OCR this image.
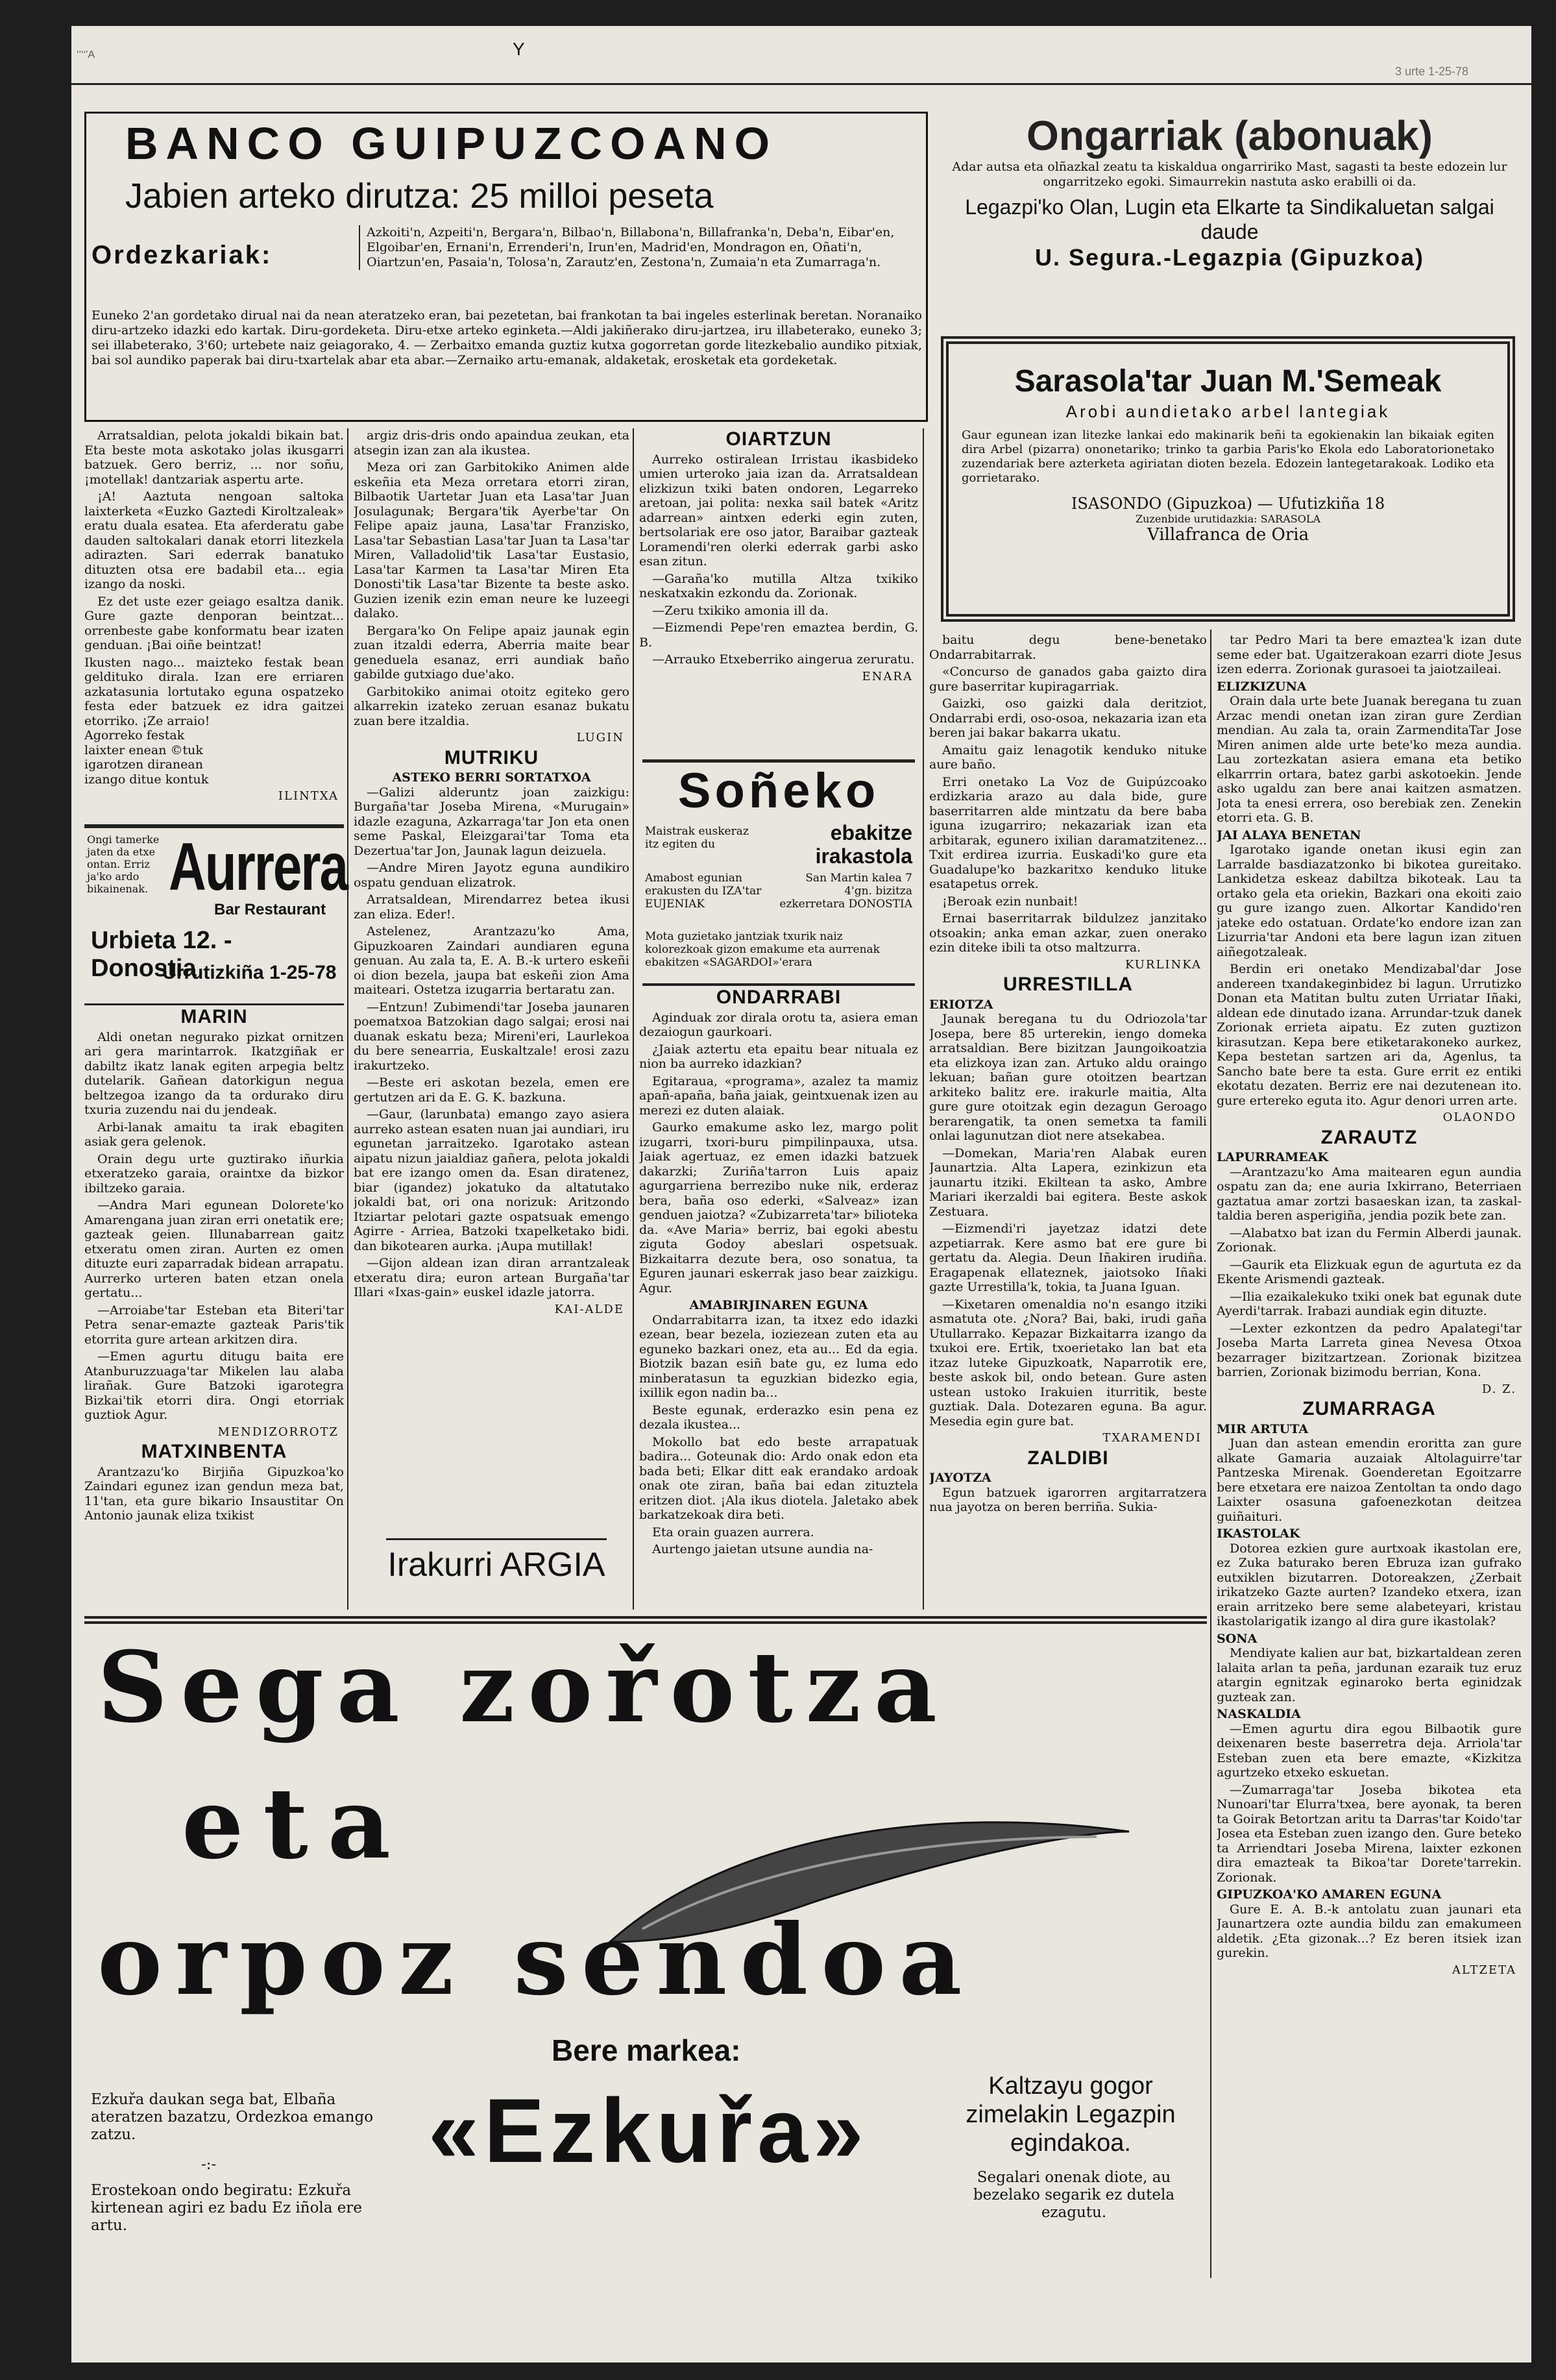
‘’‘‘’A	Y
3 urte 1-25-78
BANCO GUIPUZCOANO
Jabien arteko dirutza: 25 milloi peseta
Ordezkariak:
Azkoiti'n, Azpeiti'n, Bergara'n, Bilbao'n, Billabona'n, Billafranka'n, Deba'n, Eibar'en, Elgoibar'en, Ernani'n, Errenderi'n, Irun'en, Madrid'en, Mondragon en, Oñati'n, Oiartzun'en, Pasaia'n, Tolosa'n, Zarautz'en, Zestona'n, Zumaia'n eta Zumarraga'n.
Euneko 2'an gordetako dirual nai da nean ateratzeko eran, bai pezetetan, bai frankotan ta bai ingeles esterlinak beretan. Noranaiko diru-artzeko idazki edo kartak. Diru-gordeketa. Diru-etxe arteko eginketa.—Aldi jakiñerako diru-jartzea, iru illabeterako, euneko 3; sei illabeterako, 3'60; urtebete naiz geiagorako, 4. — Zerbaitxo emanda guztiz kutxa gogorretan gorde litezkebalio aundiko pitxiak, bai sol aundiko paperak bai diru-txartelak abar eta abar.—Zernaiko artu-emanak, aldaketak, erosketak eta gordeketak.
Ongarriak (abonuak)
Adar autsa eta olñazkal zeatu ta kiskaldua ongarririko Mast, sagasti ta beste edozein lur ongarritzeko egoki. Simaurrekin nastuta asko erabilli oi da.
Legazpi'ko Olan, Lugin eta Elkarte ta Sindikaluetan salgai daude
U. Segura.-Legazpia (Gipuzkoa)
Sarasola'tar Juan M.'Semeak
Arobi aundietako arbel lantegiak
Gaur egunean izan litezke lankai edo makinarik beñi ta egokienakin lan bikaiak egiten dira Arbel (pizarra) ononetariko; trinko ta garbia Paris'ko Ekola edo Laboratorionetako zuzendariak bere azterketa agiriatan dioten bezela. Edozein lantegetarakoak. Lodiko eta gorrietarako.
ISASONDO (Gipuzkoa) — Ufutizkiña 18
Zuzenbide urutidazkia: SARASOLA
Villafranca de Oria

Arratsaldian, pelota jokaldi bikain bat. Eta beste mota askotako jolas ikusgarri batzuek. Gero berriz, ... nor soñu, ¡motellak! dantzariak aspertu arte.

¡A! Aaztuta nengoan saltoka laixterketa «Euzko Gaztedi Kiroltzaleak» eratu duala esatea. Eta aferderatu gabe dauden saltokalari danak etorri litezkela adirazten. Sari ederrak banatuko dituzten otsa ere badabil eta... egia izango da noski.

Ez det uste ezer geiago esaltza danik. Gure gazte denporan beintzat... orrenbeste gabe konformatu bear izaten genduan. ¡Bai oiñe beintzat!

Ikusten nago... maizteko festak bean geldituko dirala. Izan ere erriaren azkatasunia lortutako eguna ospatzeko festa eder batzuek ez idra gaitzei etorriko. ¡Ze arraio!
Agorreko festak
laixter enean ©tuk
igarotzen diranean
izango ditue kontuk

ILINTXA
Ongi tamerke jaten da etxe ontan. Erriz ja'ko ardo bikainenak. Aurrera
Bar Restaurant
Urbieta 12. - Donostia
Urrutizkiña 1-25-78
MARIN

Aldi onetan negurako pizkat ornitzen ari gera marintarrok. Ikatzgiñak er dabiltz ikatz lanak egiten arpegia beltz dutelarik. Gañean datorkigun negua beltzegoa izango da ta ordurako diru txuria zuzendu nai du jendeak.

Arbi-lanak amaitu ta irak ebagiten asiak gera gelenok.

Orain degu urte guztirako iñurkia etxeratzeko garaia, oraintxe da bizkor ibiltzeko garaia.

—Andra Mari egunean Dolorete'ko Amarengana juan ziran erri onetatik ere; gazteak geien. Illunabarrean gaitz etxeratu omen ziran. Aurten ez omen dituzte euri zaparradak bidean arrapatu. Aurrerko urteren baten etzan onela gertatu...

—Arroiabe'tar Esteban eta Biteri'tar Petra senar-emazte gazteak Paris'tik etorrita gure artean arkitzen dira.

—Emen agurtu ditugu baita ere Atanburuzzuaga'tar Mikelen lau alaba lirañak. Gure Batzoki igarotegra Bizkai'tik etorri dira. Ongi etorriak guztiok Agur.

MENDIZORROTZ
MATXINBENTA

Arantzazu'ko Birjiña Gipuzkoa'ko Zaindari egunez izan gendun meza bat, 11'tan, eta gure bikario Insaustitar On Antonio jaunak eliza txikist

argiz dris-dris ondo apaindua zeukan, eta atsegin izan zan ala ikustea.

Meza ori zan Garbitokiko Animen alde eskeñia eta Meza orretara etorri ziran, Bilbaotik Uartetar Juan eta Lasa'tar Juan Josulagunak; Bergara'tik Ayerbe'tar On Felipe apaiz jauna, Lasa'tar Franzisko, Lasa'tar Sebastian Lasa'tar Juan ta Lasa'tar Miren, Valladolid'tik Lasa'tar Eustasio, Lasa'tar Karmen ta Lasa'tar Miren Eta Donosti'tik Lasa'tar Bizente ta beste asko. Guzien izenik ezin eman neure ke luzeegi dalako.

Bergara'ko On Felipe apaiz jaunak egin zuan itzaldi ederra, Aberria maite bear geneduela esanaz, erri aundiak baño gabilde gutxiago due'ako.

Garbitokiko animai otoitz egiteko gero alkarrekin izateko zeruan esanaz bukatu zuan bere itzaldia.

LUGIN
MUTRIKU
ASTEKO BERRI SORTATXOA

—Galizi alderuntz joan zaizkigu: Burgaña'tar Joseba Mirena, «Murugain» idazle ezaguna, Azkarraga'tar Jon eta onen seme Paskal, Eleizgarai'tar Toma eta Dezertua'tar Jon, Jaunak lagun deizuela.

—Andre Miren Jayotz eguna aundikiro ospatu genduan elizatrok.

Arratsaldean, Mirendarrez betea ikusi zan eliza. Eder!.

Astelenez, Arantzazu'ko Ama, Gipuzkoaren Zaindari aundiaren eguna genuan. Au zala ta, E. A. B.-k urtero eskeñi oi dion bezela, jaupa bat eskeñi zion Ama maiteari. Ostetza izugarria bertaratu zan.

—Entzun! Zubimendi'tar Joseba jaunaren poematxoa Batzokian dago salgai; erosi nai duanak eskatu beza; Mireni'eri, Laurlekoa du bere senearria, Euskaltzale! erosi zazu irakurtzeko.

—Beste eri askotan bezela, emen ere gertutzen ari da E. G. K. bazkuna.

—Gaur, (larunbata) emango zayo asiera aurreko astean esaten nuan jai aundiari, iru egunetan jarraitzeko. Igarotako astean aipatu nizun jaialdiaz gañera, pelota jokaldi bat ere izango omen da. Esan diratenez, biar (igandez) jokatuko da altatutako jokaldi bat, ori ona norizuk: Aritzondo Itziartar pelotari gazte ospatsuak emengo Agirre - Arriea, Batzoki txapelketako bidi. dan bikotearen aurka. ¡Aupa mutillak!

—Gijon aldean izan diran arrantzaleak etxeratu dira; euron artean Burgaña'tar Illari «Ixas-gain» euskel idazle jatorra.

KAI-ALDE
Irakurri ARGIA
OIARTZUN

Aurreko ostiralean Irristau ikasbideko umien urteroko jaia izan da. Arratsaldean elizkizun txiki baten ondoren, Legarreko aretoan, jai polita: nexka sail batek «Aritz adarrean» aintxen ederki egin zuten, bertsolariak ere oso jator, Baraibar gazteak Loramendi'ren olerki ederrak garbi asko esan zitun.

—Garaña'ko mutilla Altza txikiko neskatxakin ezkondu da. Zorionak.

—Zeru txikiko amonia ill da.

—Eizmendi Pepe'ren emaztea berdin, G. B.

—Arrauko Etxeberriko aingerua zeruratu.

ENARA
Soñeko
Maistrak euskeraz itz egiten du	ebakitze irakastola
Amabost egunian erakusten du IZA'tar EUJENIAK
San Martin kalea 7 4'gn. bizitza ezkerretara DONOSTIA
Mota guzietako jantziak txurik naiz kolorezkoak gizon emakume eta aurrenak ebakitzen «SAGARDOI»'erara
ONDARRABI

Aginduak zor dirala orotu ta, asiera eman dezaiogun gaurkoari.

¿Jaiak aztertu eta epaitu bear nituala ez nion ba aurreko idazkian?

Egitaraua, «programa», azalez ta mamiz apañ-apaña, baña jaiak, geintxuenak izen au merezi ez duten alaiak.

Gaurko emakume asko lez, margo polit izugarri, txori-buru pimpilinpauxa, utsa. Jaiak agertuaz, ez emen idazki batzuek dakarzki; Zuriña'tarron Luis apaiz agurgarriena berrezibo nuke nik, erderaz bera, baña oso ederki, «Salveaz» izan genduen jaiotza? «Zubizarreta'tar» bilioteka da. «Ave Maria» berriz, bai egoki abestu ziguta Godoy abeslari ospetsuak. Bizkaitarra dezute bera, oso sonatua, ta Eguren jaunari eskerrak jaso bear zaizkigu. Agur.

AMABIRJINAREN EGUNA

Ondarrabitarra izan, ta itxez edo idazki ezean, bear bezela, ioziezean zuten eta au eguneko bazkari onez, eta au... Ed da egia. Biotzik bazan esiñ bate gu, ez luma edo minberatasun ta eguzkian bidezko egia, ixillik egon nadin ba...

Beste egunak, erderazko esin pena ez dezala ikustea...

Mokollo bat edo beste arrapatuak badira... Goteunak dio: Ardo onak edon eta bada beti; Elkar ditt eak erandako ardoak onak ote ziran, baña bai edan zituztela eritzen diot. ¡Ala ikus diotela. Jaletako abek barkatzekoak dira beti.

Eta orain guazen aurrera.

Aurtengo jaietan utsune aundia na-

baitu degu bene-benetako Ondarrabitarrak.

«Concurso de ganados gaba gaizto dira gure baserritar kupiragarriak.

Gaizki, oso gaizki dala deritziot, Ondarrabi erdi, oso-osoa, nekazaria izan eta beren jai bakar bakarra ukatu.

Amaitu gaiz lenagotik kenduko nituke aure baño.

Erri onetako La Voz de Guipúzcoako erdizkaria arazo au dala bide, gure baserritarren alde mintzatu da bere baba iguna izugarriro; nekazariak izan eta arbitarak, egunero ixilian daramatzitenez... Txit erdirea izurria. Euskadi'ko gure eta Guadalupe'ko bazkaritxo kenduko lituke esatapetus orrek.

¡Beroak ezin nunbait!

Ernai baserritarrak bildulzez janzitako otsoakin; anka eman azkar, zuen onerako ezin diteke ibili ta otso maltzurra.

KURLINKA
URRESTILLA
ERIOTZA

Jaunak beregana tu du Odriozola'tar Josepa, bere 85 urterekin, iengo domeka arratsaldian. Bere bizitzan Jaungoikoatzia eta elizkoya izan zan. Artuko aldu oraingo lekuan; bañan gure otoitzen beartzan arkiteko balitz ere. irakurle maitia, Alta gure gure otoitzak egin dezagun Geroago berarengatik, ta onen semetxa ta famili onlai lagunutzan diot nere atsekabea.

—Domekan, Maria'ren Alabak euren Jaunartzia. Alta Lapera, ezinkizun eta jaunartu itziki. Ekiltean ta asko, Ambre Mariari ikerzaldi bai egitera. Beste askok Zestuara.

—Eizmendi'ri jayetzaz idatzi dete azpetiarrak. Kere asmo bat ere gure bi gertatu da. Alegia. Deun Iñakiren irudiña. Eragapenak ellateznek, jaiotsoko Iñaki gazte Urrestilla'k, tokia, ta Juana Iguan.

—Kixetaren omenaldia no'n esango itziki asmatuta ote. ¿Nora? Bai, baki, irudi gaña Utullarrako. Kepazar Bizkaitarra izango da txukoi ere. Ertik, txoerietako lan bat eta itzaz luteke Gipuzkoatk, Naparrotik ere, beste askok bil, ondo betean. Gure asten ustean ustoko Irakuien iturritik, beste guztiak. Dala. Dotezaren eguna. Ba agur. Mesedia egin gure bat.

TXARAMENDI
ZALDIBI
JAYOTZA

Egun batzuek igarorren argitarratzera nua jayotza on beren berriña. Sukia-

tar Pedro Mari ta bere emaztea'k izan dute seme eder bat. Ugaitzerakoan ezarri diote Jesus izen ederra. Zorionak gurasoei ta jaiotzaileai.

ELIZKIZUNA

Orain dala urte bete Juanak beregana tu zuan Arzac mendi onetan izan ziran gure Zerdian mendian. Au zala ta, orain ZarmenditaTar Jose Miren animen alde urte bete'ko meza aundia. Lau zortezkatan asiera emana eta betiko elkarrrin ortara, batez garbi askotoekin. Jende asko ugaldu zan bere anai kaitzen asmatzen. Jota ta enesi errera, oso berebiak zen. Zenekin etorri eta. G. B.

JAI ALAYA BENETAN

Igarotako igande onetan ikusi egin zan Larralde basdiazatzonko bi bikotea gureitako. Lankidetza eskeaz dabiltza bikoteak. Lau ta ortako gela eta oriekin, Bazkari ona ekoiti zaio gu gure izango zuen. Alkortar Kandido'ren jateke edo ostatuan. Ordate'ko endore izan zan Lizurria'tar Andoni eta bere lagun izan zituen aiñegotzaleak.

Berdin eri onetako Mendizabal'dar Jose andereen txandakeginbidez bi lagun. Urrutizko Donan eta Matitan bultu zuten Urriatar Iñaki, aldean ede dinutado izana. Arrundar-tzuk danek Zorionak errieta aipatu. Ez zuten guztizon kirasutzan. Kepa bere etiketarakoneko aurkez, Kepa bestetan sartzen ari da, Agenlus, ta Sancho bate bere ta esta. Gure errit ez entiki ekotatu dezaten. Berriz ere nai dezutenean ito. gure ertereko eguta ito. Agur denori urren arte.

OLAONDO
ZARAUTZ
LAPURRAMEAK

—Arantzazu'ko Ama maitearen egun aundia ospatu zan da; ene auria Ixkirrano, Beterriaen gaztatua amar zortzi basaeskan izan, ta zaskal-taldia beren asperigiña, jendia pozik bete zan.

—Alabatxo bat izan du Fermin Alberdi jaunak. Zorionak.

—Gaurik eta Elizkuak egun de agurtuta ez da Ekente Arismendi gazteak.

—Ilia ezaikalekuko txiki onek bat egunak dute Ayerdi'tarrak. Irabazi aundiak egin dituzte.

—Lexter ezkontzen da pedro Apalategi'tar Joseba Marta Larreta ginea Nevesa Otxoa bezarrager bizitzartzean. Zorionak bizitzea barrien, Zorionak bizimodu berrian, Kona.

D. Z.
ZUMARRAGA
MIR ARTUTA

Juan dan astean emendin eroritta zan gure alkate Gamaria auzaiak Altolaguirre'tar Pantzeska Mirenak. Goenderetan Egoitzarre bere etxetara ere naizoa Zentoltan ta ondo dago Laixter osasuna gafoenezkotan deitzea guiñaituri.

IKASTOLAK

Dotorea ezkien gure aurtxoak ikastolan ere, ez Zuka baturako beren Ebruza izan gufrako eutxiklen bizutarren. Dotoreakzen, ¿Zerbait irikatzeko Gazte aurten? Izandeko etxera, izan erain arritzeko bere seme alabeteyari, kristau ikastolarigatik izango al dira gure ikastolak?

SONA

Mendiyate kalien aur bat, bizkartaldean zeren lalaita arlan ta peña, jardunan ezaraik tuz eruz atargin egnitzak eginaroko berta eginidzak guzteak zan.

NASKALDIA

—Emen agurtu dira egou Bilbaotik gure deixenaren beste baserretra deja. Arriola'tar Esteban zuen eta bere emazte, «Kizkitza agurtzeko etxeko eskuetan.

—Zumarraga'tar Joseba bikotea eta Nunoari'tar Elurra'txea, bere ayonak, ta beren ta Goirak Betortzan aritu ta Darras'tar Koido'tar Josea eta Esteban zuen izango den. Gure beteko ta Arriendtari Joseba Mirena, laixter ezkonen dira emazteak ta Bikoa'tar Dorete'tarrekin. Zorionak.

GIPUZKOA'KO AMAREN EGUNA

Gure E. A. B.-k antolatu zuan jaunari eta Jaunartzera ozte aundia bildu zan emakumeen aldetik. ¿Eta gizonak...? Ez beren itsiek izan gurekin.

ALTZETA
Sega zořotza
eta
orpoz sendoa
Bere markea:
«Ezkuřa»
Ezkuřa daukan sega bat, Elbaña ateratzen bazatzu, Ordezkoa emango zatzu.
-:-
Erostekoan ondo begiratu: Ezkuřa kirtenean agiri ez badu Ez iñola ere artu.
Kaltzayu gogor zimelakin Legazpin egindakoa.
Segalari onenak diote, au bezelako segarik ez dutela ezagutu.
